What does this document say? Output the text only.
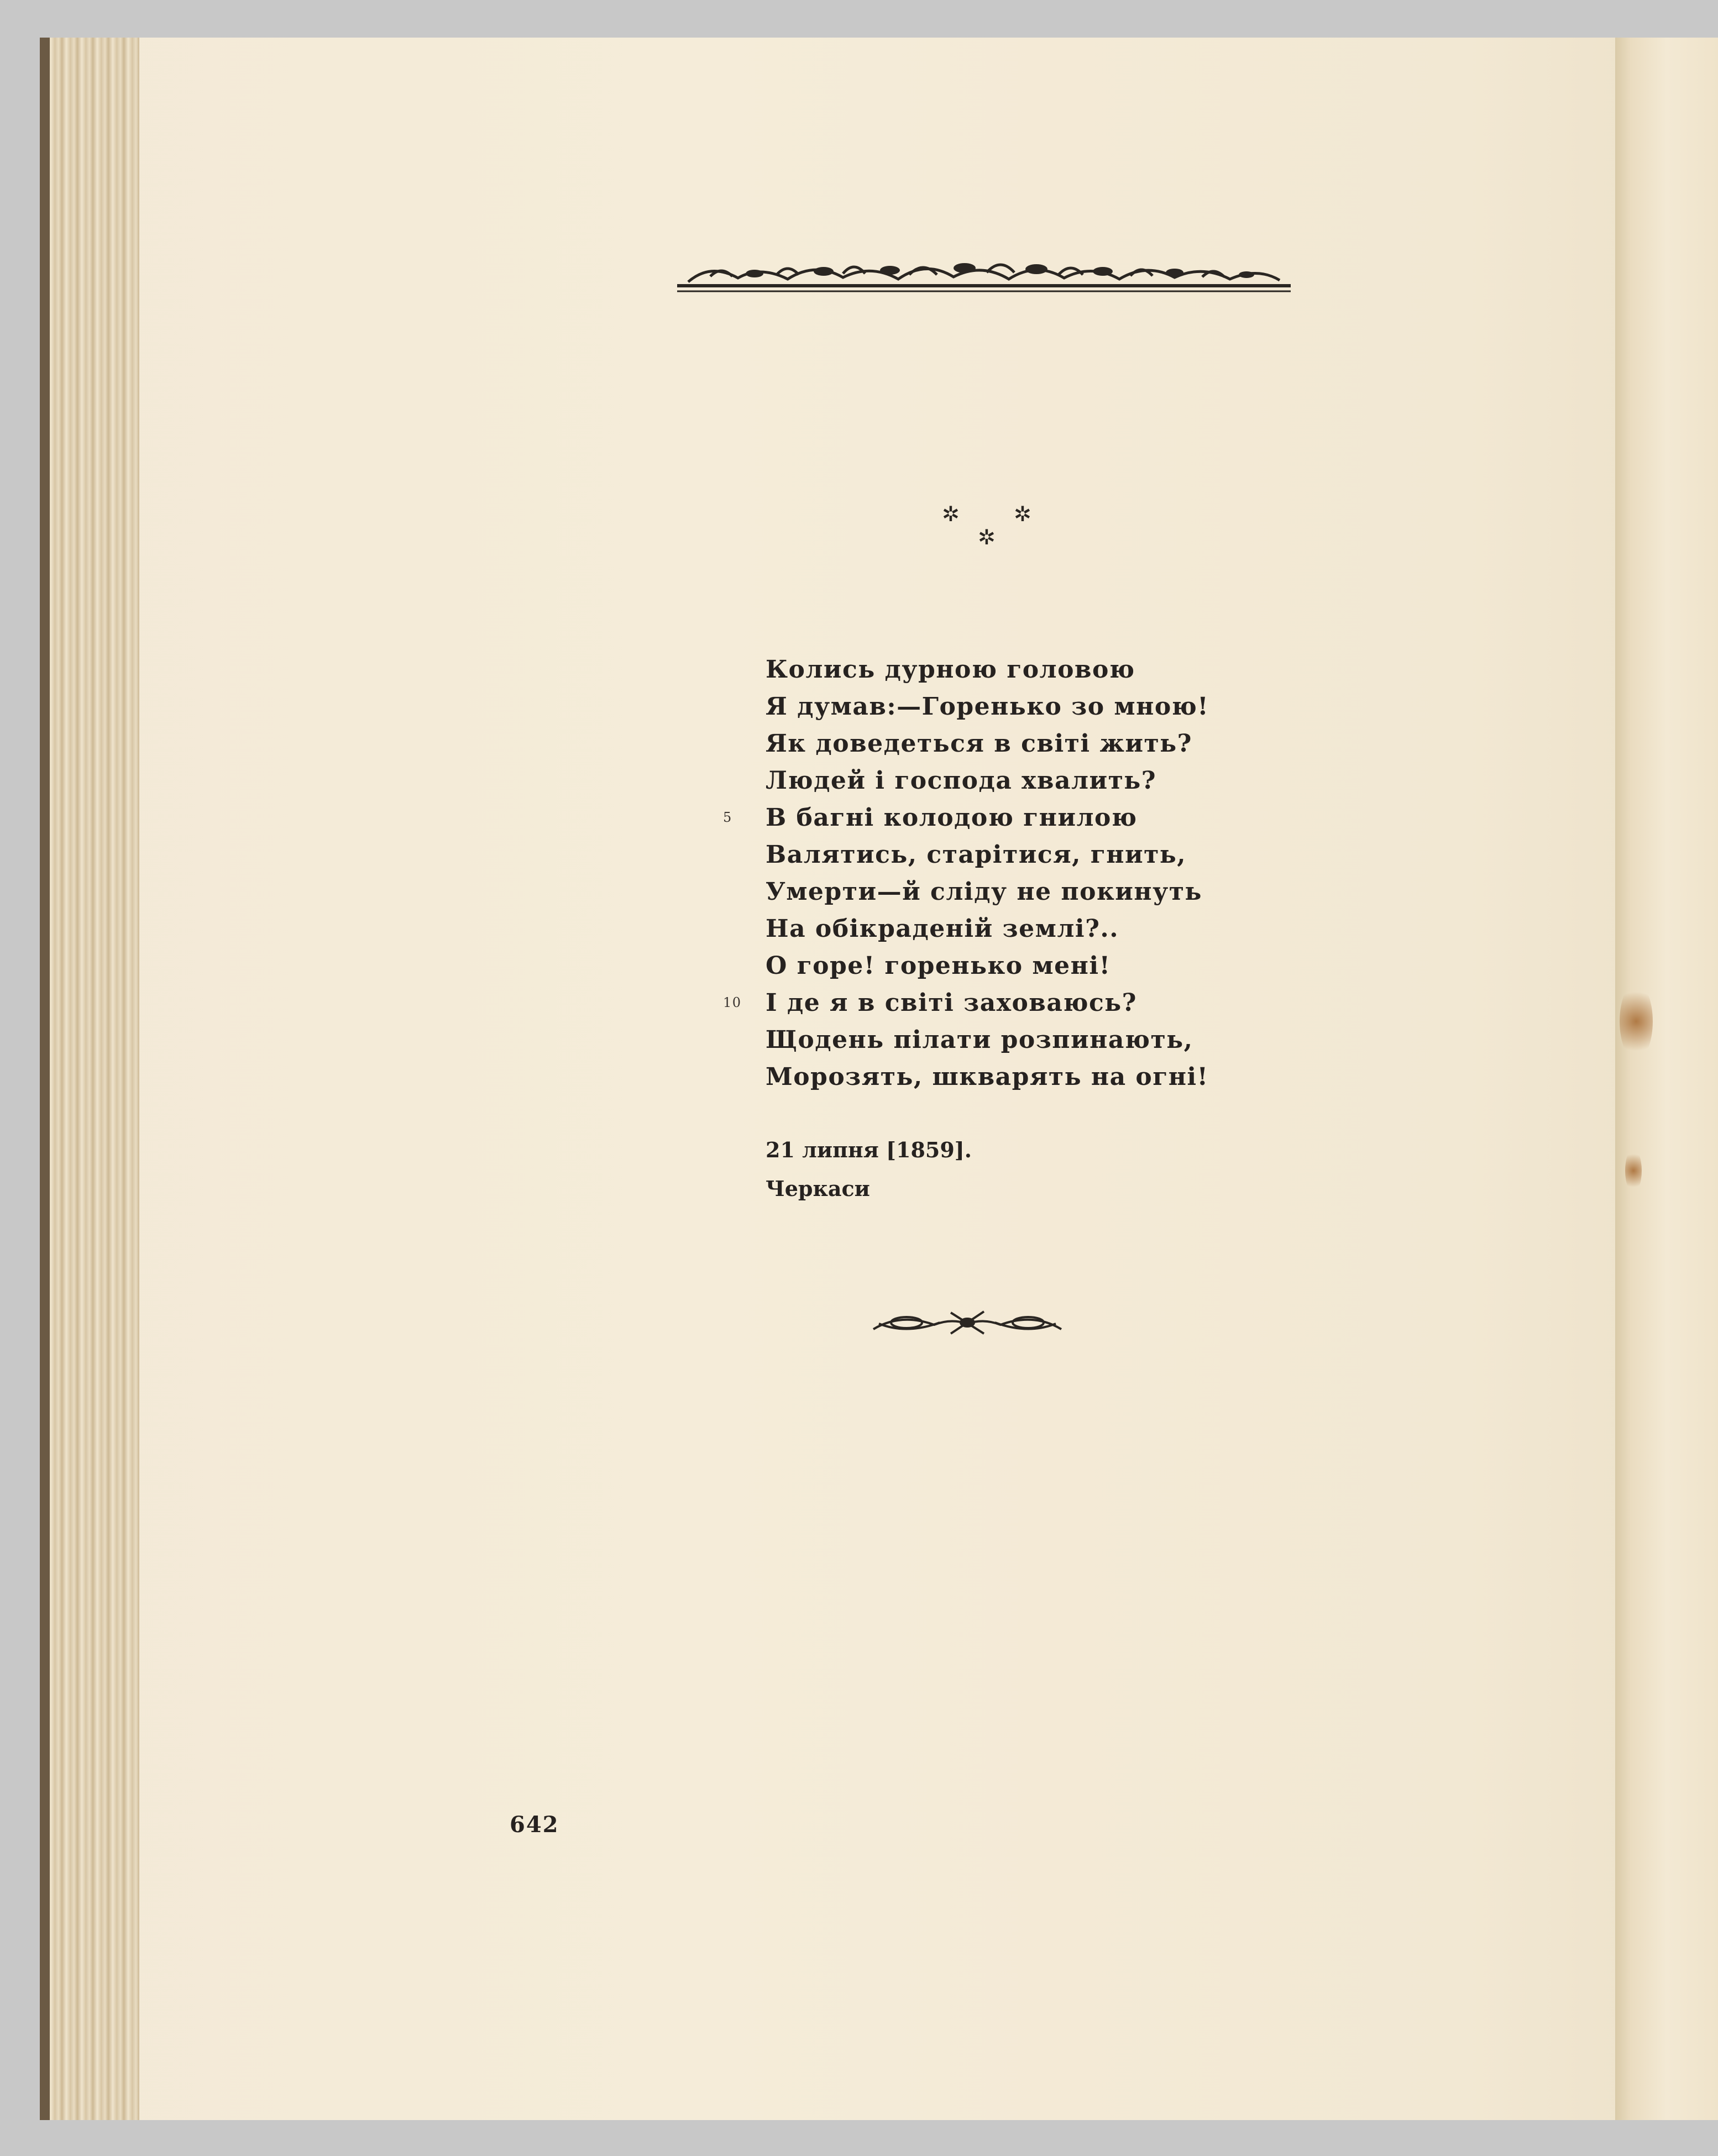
✲	✲
✲
Колись дурною головою
Я думав:—Горенько зо мною!
Як доведеться в світі жить?
Людей і господа хвалить?
5 В багні колодою гнилою
Валятись, старітися, гнить,
Умерти—й сліду не покинуть
На обікраденій землі?..
О горе! горенько мені!
10 І де я в світі заховаюсь?
Щодень пілати розпинають,
Морозять, шкварять на огні!
21 липня [1859].
Черкаси
642
